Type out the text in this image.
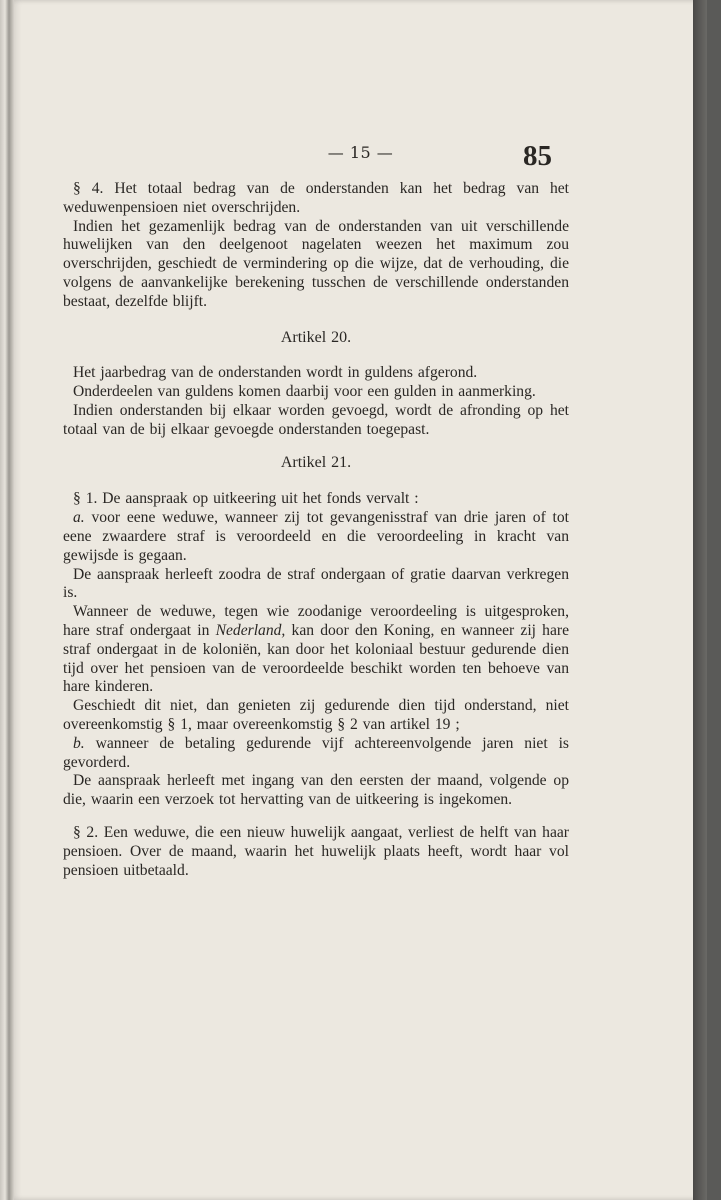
— 15 —	85

§ 4. Het totaal bedrag van de onderstanden kan het bedrag van het weduwenpensioen niet overschrijden.

Indien het gezamenlijk bedrag van de onderstanden van uit verschillende huwelijken van den deelgenoot nagelaten weezen het maximum zou overschrijden, geschiedt de vermindering op die wijze, dat de verhouding, die volgens de aanvankelijke berekening tusschen de verschillende onderstanden bestaat, dezelfde blijft.

Artikel 20.

Het jaarbedrag van de onderstanden wordt in guldens afgerond.

Onderdeelen van guldens komen daarbij voor een gulden in aanmerking.

Indien onderstanden bij elkaar worden gevoegd, wordt de afronding op het totaal van de bij elkaar gevoegde onderstanden toegepast.

Artikel 21.

§ 1. De aanspraak op uitkeering uit het fonds vervalt :

a. voor eene weduwe, wanneer zij tot gevangenisstraf van drie jaren of tot eene zwaardere straf is veroordeeld en die veroordeeling in kracht van gewijsde is gegaan.

De aanspraak herleeft zoodra de straf ondergaan of gratie daarvan verkregen is.

Wanneer de weduwe, tegen wie zoodanige veroordeeling is uitgesproken, hare straf ondergaat in Nederland, kan door den Koning, en wanneer zij hare straf ondergaat in de koloniën, kan door het koloniaal bestuur gedurende dien tijd over het pensioen van de veroordeelde beschikt worden ten behoeve van hare kinderen.

Geschiedt dit niet, dan genieten zij gedurende dien tijd onderstand, niet overeenkomstig § 1, maar overeenkomstig § 2 van artikel 19 ;

b. wanneer de betaling gedurende vijf achtereenvolgende jaren niet is gevorderd.

De aanspraak herleeft met ingang van den eersten der maand, volgende op die, waarin een verzoek tot hervatting van de uitkeering is ingekomen.

§ 2. Een weduwe, die een nieuw huwelijk aangaat, verliest de helft van haar pensioen. Over de maand, waarin het huwelijk plaats heeft, wordt haar vol pensioen uitbetaald.
